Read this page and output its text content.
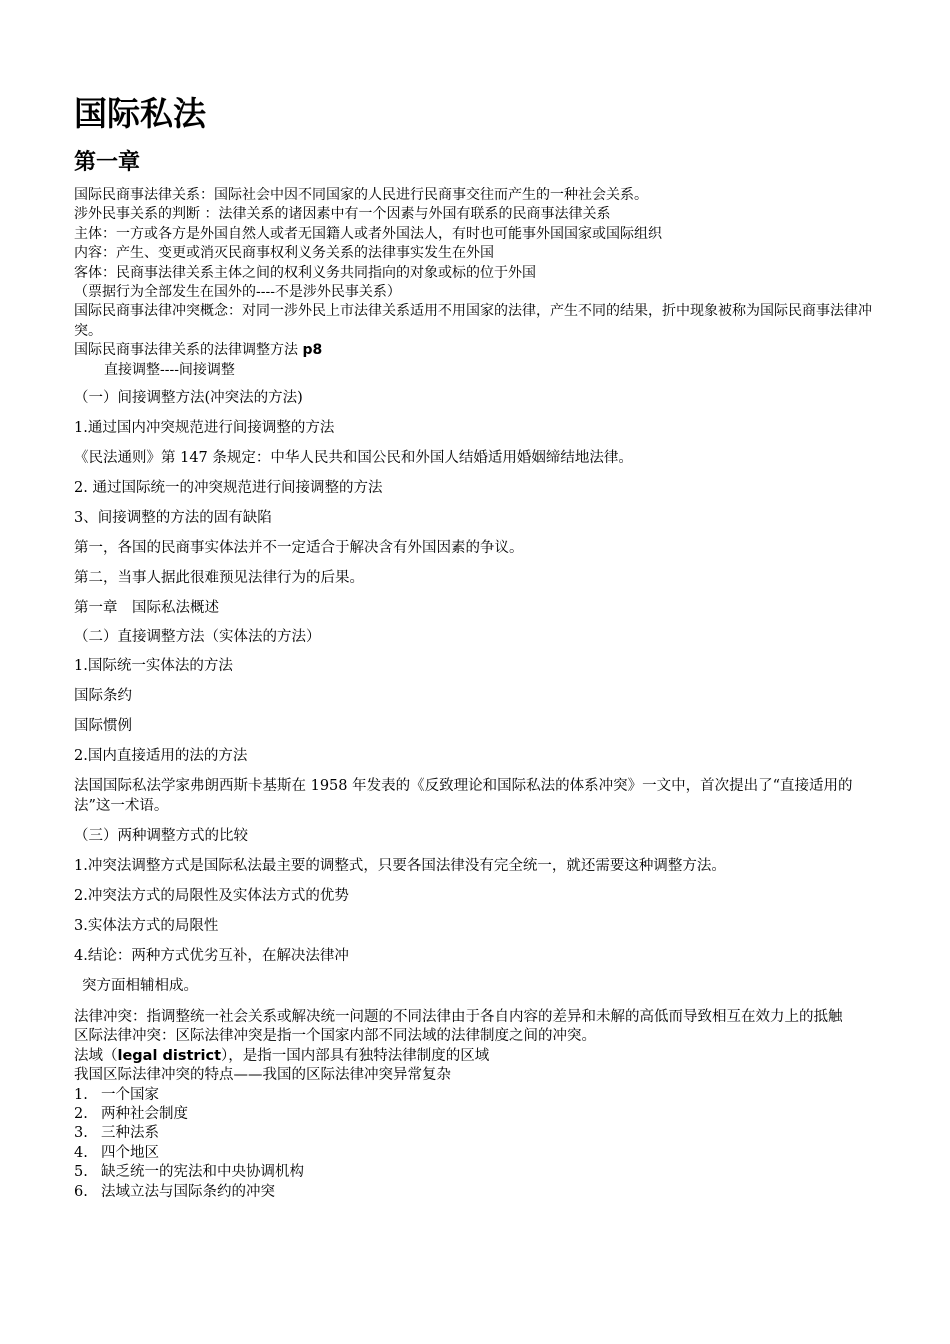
国际私法
第一章
国际民商事法律关系：国际社会中因不同国家的人民进行民商事交往而产生的一种社会关系。
涉外民事关系的判断 ：法律关系的诸因素中有一个因素与外国有联系的民商事法律关系
主体：一方或各方是外国自然人或者无国籍人或者外国法人，有时也可能事外国国家或国际组织
内容：产生、变更或消灭民商事权利义务关系的法律事实发生在外国
客体：民商事法律关系主体之间的权利义务共同指向的对象或标的位于外国
（票据行为全部发生在国外的----不是涉外民事关系）
国际民商事法律冲突概念：对同一涉外民上市法律关系适用不用国家的法律，产生不同的结果，折中现象被称为国际民商事法律冲突。
国际民商事法律关系的法律调整方法 p8
直接调整----间接调整
（一）间接调整方法(冲突法的方法)
1.通过国内冲突规范进行间接调整的方法
《民法通则》第 147 条规定：中华人民共和国公民和外国人结婚适用婚姻缔结地法律。
2. 通过国际统一的冲突规范进行间接调整的方法
3、间接调整的方法的固有缺陷
第一，各国的民商事实体法并不一定适合于解决含有外国因素的争议。
第二，当事人据此很难预见法律行为的后果。
第一章　国际私法概述
（二）直接调整方法（实体法的方法）
1.国际统一实体法的方法
国际条约
国际惯例
2.国内直接适用的法的方法
法国国际私法学家弗朗西斯卡基斯在 1958 年发表的《反致理论和国际私法的体系冲突》一文中，首次提出了“直接适用的法”这一术语。
（三）两种调整方式的比较
1.冲突法调整方式是国际私法最主要的调整式，只要各国法律没有完全统一，就还需要这种调整方法。
2.冲突法方式的局限性及实体法方式的优势
3.实体法方式的局限性
4.结论：两种方式优劣互补，在解决法律冲
突方面相辅相成。
法律冲突：指调整统一社会关系或解决统一问题的不同法律由于各自内容的差异和未解的高低而导致相互在效力上的抵触
区际法律冲突：区际法律冲突是指一个国家内部不同法域的法律制度之间的冲突。
法域（legal district），是指一国内部具有独特法律制度的区域
我国区际法律冲突的特点——我国的区际法律冲突异常复杂
1. 一个国家
2. 两种社会制度
3. 三种法系
4. 四个地区
5. 缺乏统一的宪法和中央协调机构
6. 法域立法与国际条约的冲突
